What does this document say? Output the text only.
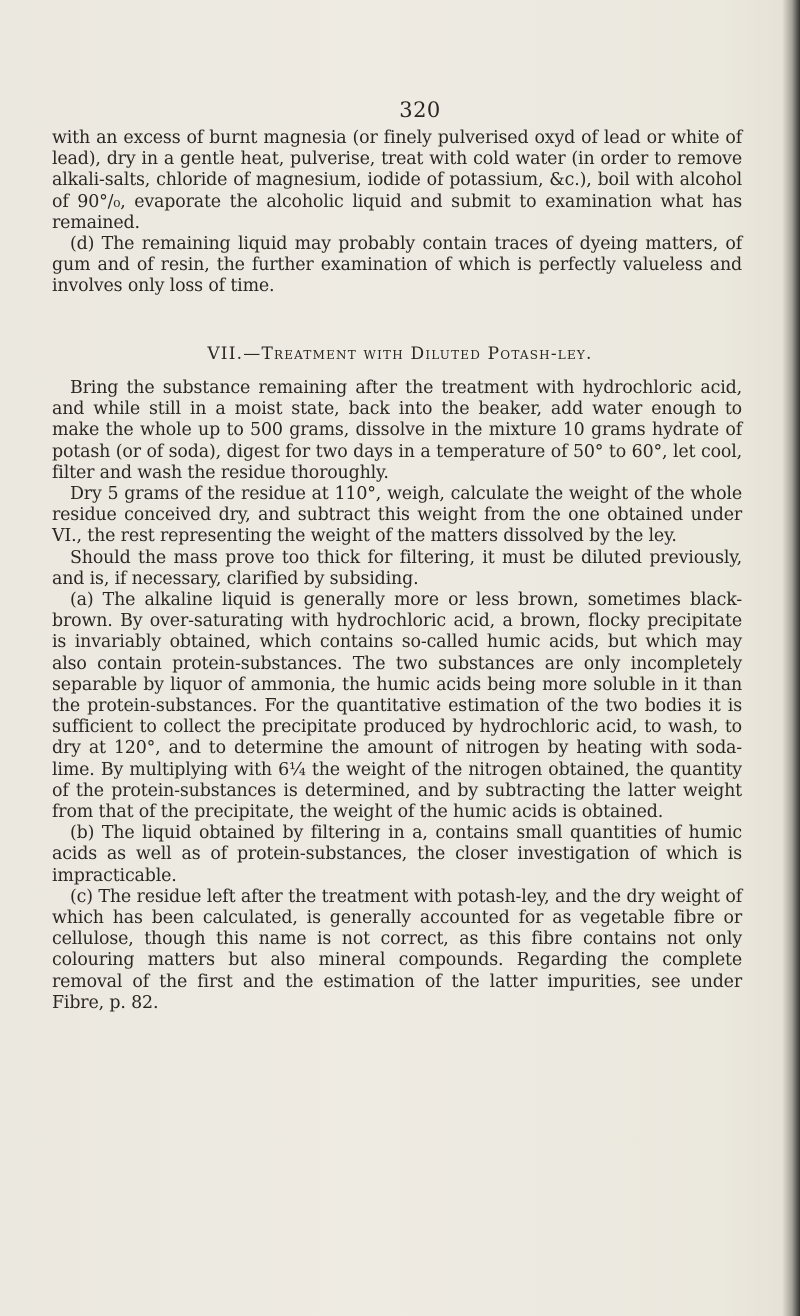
320

with an excess of burnt magnesia (or finely pulverised oxyd of lead or white of lead), dry in a gentle heat, pulverise, treat with cold water (in order to remove alkali-salts, chloride of magnesium, iodide of potassium, &c.), boil with alcohol of 90°/₀, evaporate the alcoholic liquid and submit to examination what has remained.

(d) The remaining liquid may probably contain traces of dyeing matters, of gum and of resin, the further examination of which is perfectly valueless and involves only loss of time.

VII.—Treatment with Diluted Potash-ley.

Bring the substance remaining after the treatment with hydrochloric acid, and while still in a moist state, back into the beaker, add water enough to make the whole up to 500 grams, dissolve in the mixture 10 grams hydrate of potash (or of soda), digest for two days in a temperature of 50° to 60°, let cool, filter and wash the residue thoroughly.

Dry 5 grams of the residue at 110°, weigh, calculate the weight of the whole residue conceived dry, and subtract this weight from the one obtained under VI., the rest representing the weight of the matters dissolved by the ley.

Should the mass prove too thick for filtering, it must be diluted previously, and is, if necessary, clarified by subsiding.

(a) The alkaline liquid is generally more or less brown, sometimes black-brown. By over-saturating with hydrochloric acid, a brown, flocky precipitate is invariably obtained, which contains so-called humic acids, but which may also contain protein-substances. The two substances are only incompletely separable by liquor of ammonia, the humic acids being more soluble in it than the protein-substances. For the quantitative estimation of the two bodies it is sufficient to collect the precipitate produced by hydrochloric acid, to wash, to dry at 120°, and to determine the amount of nitrogen by heating with soda-lime. By multiplying with 6¼ the weight of the nitrogen obtained, the quantity of the protein-substances is determined, and by subtracting the latter weight from that of the precipitate, the weight of the humic acids is obtained.

(b) The liquid obtained by filtering in a, contains small quantities of humic acids as well as of protein-substances, the closer investigation of which is impracticable.

(c) The residue left after the treatment with potash-ley, and the dry weight of which has been calculated, is generally accounted for as vegetable fibre or cellulose, though this name is not correct, as this fibre contains not only colouring matters but also mineral compounds. Regarding the complete removal of the first and the estimation of the latter impurities, see under Fibre, p. 82.
